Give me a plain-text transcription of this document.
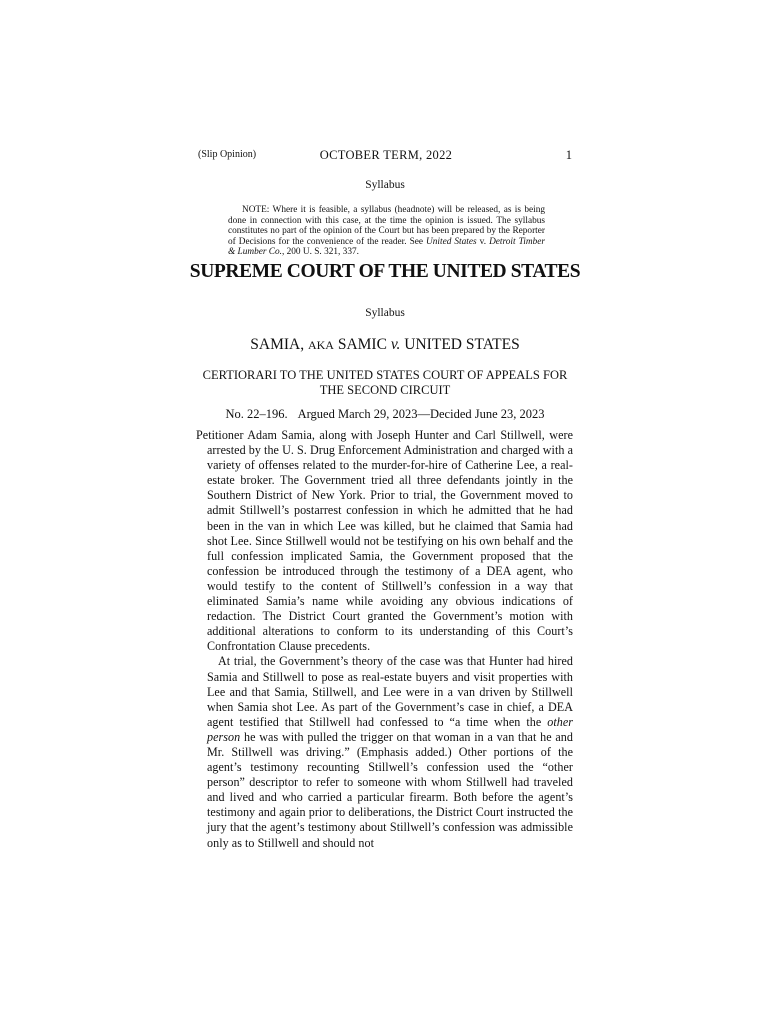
(Slip Opinion)	OCTOBER TERM, 2022	1
Syllabus
NOTE: Where it is feasible, a syllabus (headnote) will be released, as is being done in connection with this case, at the time the opinion is issued. The syllabus constitutes no part of the opinion of the Court but has been prepared by the Reporter of Decisions for the convenience of the reader. See United States v. Detroit Timber & Lumber Co., 200 U. S. 321, 337.
SUPREME COURT OF THE UNITED STATES
Syllabus
SAMIA, AKA SAMIC v. UNITED STATES
CERTIORARI TO THE UNITED STATES COURT OF APPEALS FOR THE SECOND CIRCUIT
No. 22–196. Argued March 29, 2023—Decided June 23, 2023

Petitioner Adam Samia, along with Joseph Hunter and Carl Stillwell, were arrested by the U. S. Drug Enforcement Administration and charged with a variety of offenses related to the murder-for-hire of Catherine Lee, a real-estate broker. The Government tried all three defendants jointly in the Southern District of New York. Prior to trial, the Government moved to admit Stillwell’s postarrest confession in which he admitted that he had been in the van in which Lee was killed, but he claimed that Samia had shot Lee. Since Stillwell would not be testifying on his own behalf and the full confession implicated Samia, the Government proposed that the confession be introduced through the testimony of a DEA agent, who would testify to the content of Stillwell’s confession in a way that eliminated Samia’s name while avoiding any obvious indications of redaction. The District Court granted the Government’s motion with additional alterations to conform to its understanding of this Court’s Confrontation Clause precedents.

At trial, the Government’s theory of the case was that Hunter had hired Samia and Stillwell to pose as real-estate buyers and visit properties with Lee and that Samia, Stillwell, and Lee were in a van driven by Stillwell when Samia shot Lee. As part of the Government’s case in chief, a DEA agent testified that Stillwell had confessed to “a time when the other person he was with pulled the trigger on that woman in a van that he and Mr. Stillwell was driving.” (Emphasis added.) Other portions of the agent’s testimony recounting Stillwell’s confession used the “other person” descriptor to refer to someone with whom Stillwell had traveled and lived and who carried a particular firearm. Both before the agent’s testimony and again prior to deliberations, the District Court instructed the jury that the agent’s testimony about Stillwell’s confession was admissible only as to Stillwell and should not
